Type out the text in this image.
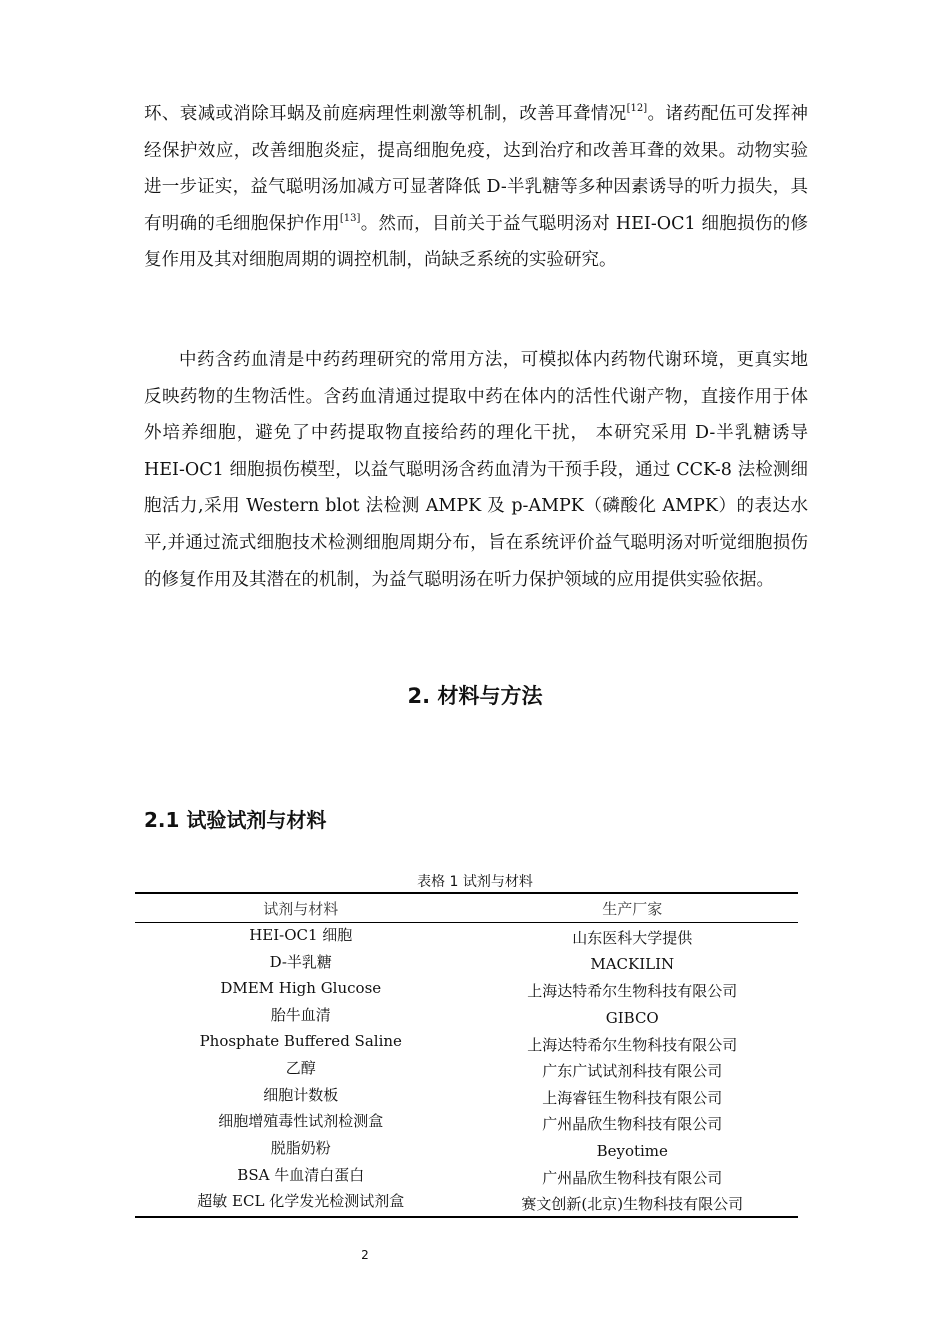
环、衰减或消除耳蜗及前庭病理性刺激等机制，改善耳聋情况[12]。诸药配伍可发挥神经保护效应，改善细胞炎症，提高细胞免疫，达到治疗和改善耳聋的效果。动物实验进一步证实，益气聪明汤加减方可显著降低 D-半乳糖等多种因素诱导的听力损失，具有明确的毛细胞保护作用[13]。然而，目前关于益气聪明汤对 HEI-OC1 细胞损伤的修复作用及其对细胞周期的调控机制，尚缺乏系统的实验研究。

中药含药血清是中药药理研究的常用方法，可模拟体内药物代谢环境，更真实地反映药物的生物活性。含药血清通过提取中药在体内的活性代谢产物，直接作用于体外培养细胞，避免了中药提取物直接给药的理化干扰， 本研究采用 D-半乳糖诱导 HEI-OC1 细胞损伤模型，以益气聪明汤含药血清为干预手段，通过 CCK-8 法检测细胞活力,采用 Western blot 法检测 AMPK 及 p-AMPK（磷酸化 AMPK）的表达水平,并通过流式细胞技术检测细胞周期分布，旨在系统评价益气聪明汤对听觉细胞损伤的修复作用及其潜在的机制，为益气聪明汤在听力保护领域的应用提供实验依据。

2. 材料与方法
2.1 试验试剂与材料
表格 1 试剂与材料
试剂与材料	生产厂家
HEI-OC1 细胞	山东医科大学提供
D-半乳糖	MACKILIN
DMEM High Glucose	上海达特希尔生物科技有限公司
胎牛血清	GIBCO
Phosphate Buffered Saline	上海达特希尔生物科技有限公司
乙醇	广东广试试剂科技有限公司
细胞计数板	上海睿钰生物科技有限公司
细胞增殖毒性试剂检测盒	广州晶欣生物科技有限公司
脱脂奶粉	Beyotime
BSA 牛血清白蛋白	广州晶欣生物科技有限公司
超敏 ECL 化学发光检测试剂盒	赛文创新(北京)生物科技有限公司
2
